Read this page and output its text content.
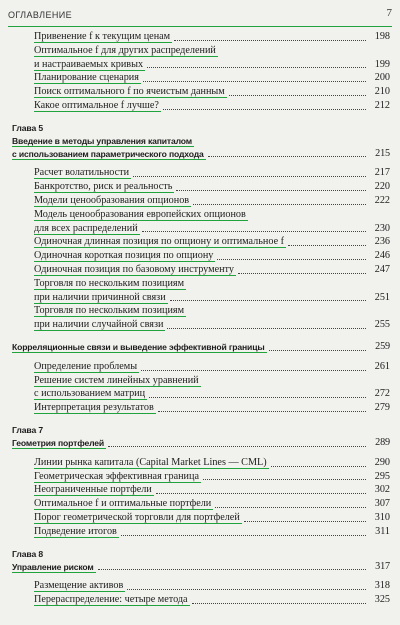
ОГЛАВЛЕНИЕ	7
Привенение f к текущим ценам	198
Оптимальное f для других распределений
и настраиваемых кривых	199
Планирование сценария	200
Поиск оптимального f по ячеистым данным	210
Какое оптимальное f лучше?	212
Глава 5
Введение в методы управления капиталом
с использованием параметрического подхода	215
Расчет волатильности	217
Банкротство, риск и реальность	220
Модели ценообразования опционов	222
Модель ценообразования европейских опционов
для всех распределений	230
Одиночная длинная позиция по опциону и оптимальное f	236
Одиночная короткая позиция по опциону	246
Одиночная позиция по базовому инструменту	247
Торговля по нескольким позициям
при наличии причинной связи	251
Торговля по нескольким позициям
при наличии случайной связи	255
Корреляционные связи и выведение эффективной границы	259
Определение проблемы	261
Решение систем линейных уравнений
с использованием матриц	272
Интерпретация результатов	279
Глава 7
Геометрия портфелей	289
Линии рынка капитала (Capital Market Lines — CML)	290
Геометрическая эффективная граница	295
Неограниченные портфели	302
Оптимальное f и оптимальные портфели	307
Порог геометрической торговли для портфелей	310
Подведение итогов	311
Глава 8
Управление риском	317
Размещение активов	318
Перераспределение: четыре метода	325
